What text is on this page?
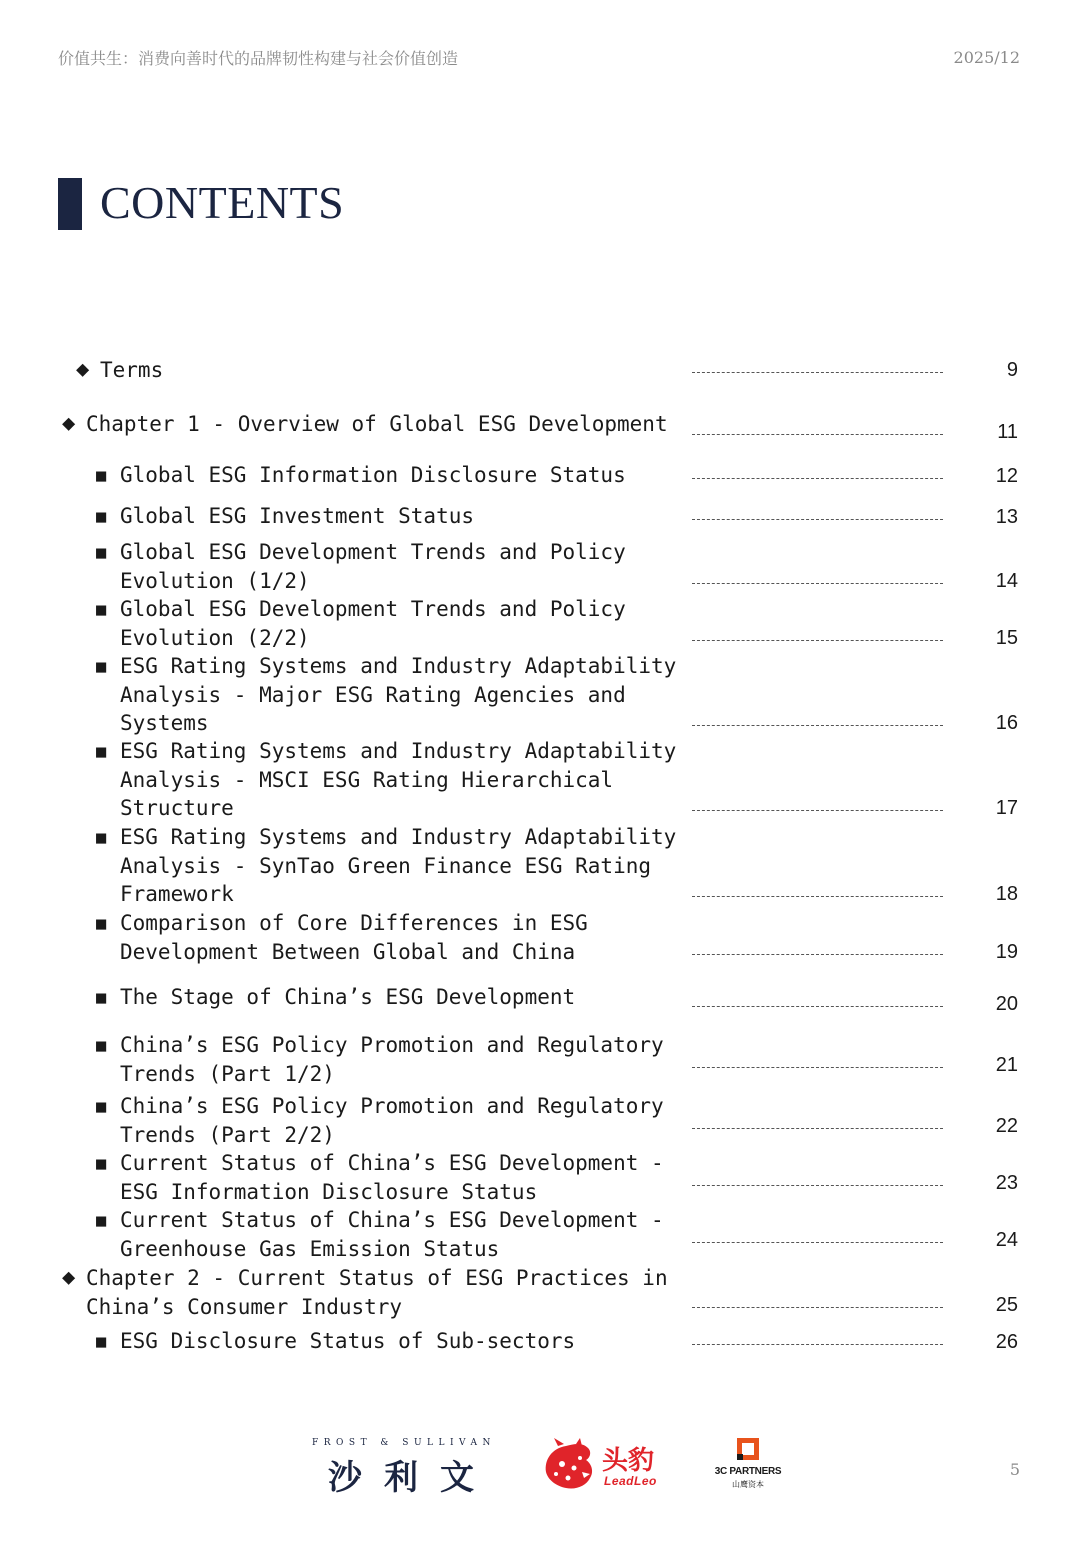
价值共生：消费向善时代的品牌韧性构建与社会价值创造	2025/12
CONTENTS
◆ Terms	9
◆ Chapter 1 - Overview of Global ESG Development	11
■ Global ESG Information Disclosure Status	12
■ Global ESG Investment Status	13
■ Global ESG Development Trends and Policy
Evolution (1/2)	14
■ Global ESG Development Trends and Policy
Evolution (2/2)	15
■ ESG Rating Systems and Industry Adaptability
Analysis - Major ESG Rating Agencies and
Systems	16
■ ESG Rating Systems and Industry Adaptability
Analysis - MSCI ESG Rating Hierarchical
Structure	17
■ ESG Rating Systems and Industry Adaptability
Analysis - SynTao Green Finance ESG Rating
Framework	18
■ Comparison of Core Differences in ESG
Development Between Global and China	19
■ The Stage of China’s ESG Development	20
■ China’s ESG Policy Promotion and Regulatory
Trends (Part 1/2)	21
■ China’s ESG Policy Promotion and Regulatory
Trends (Part 2/2)	22
■ Current Status of China’s ESG Development -
ESG Information Disclosure Status	23
■ Current Status of China’s ESG Development -
Greenhouse Gas Emission Status	24
◆ Chapter 2 - Current Status of ESG Practices in
China’s Consumer Industry	25
■ ESG Disclosure Status of Sub-sectors	26
FROST & SULLIVAN
沙利文	头豹
LeadLeo
3C PARTNERS
山鹰资本
5
